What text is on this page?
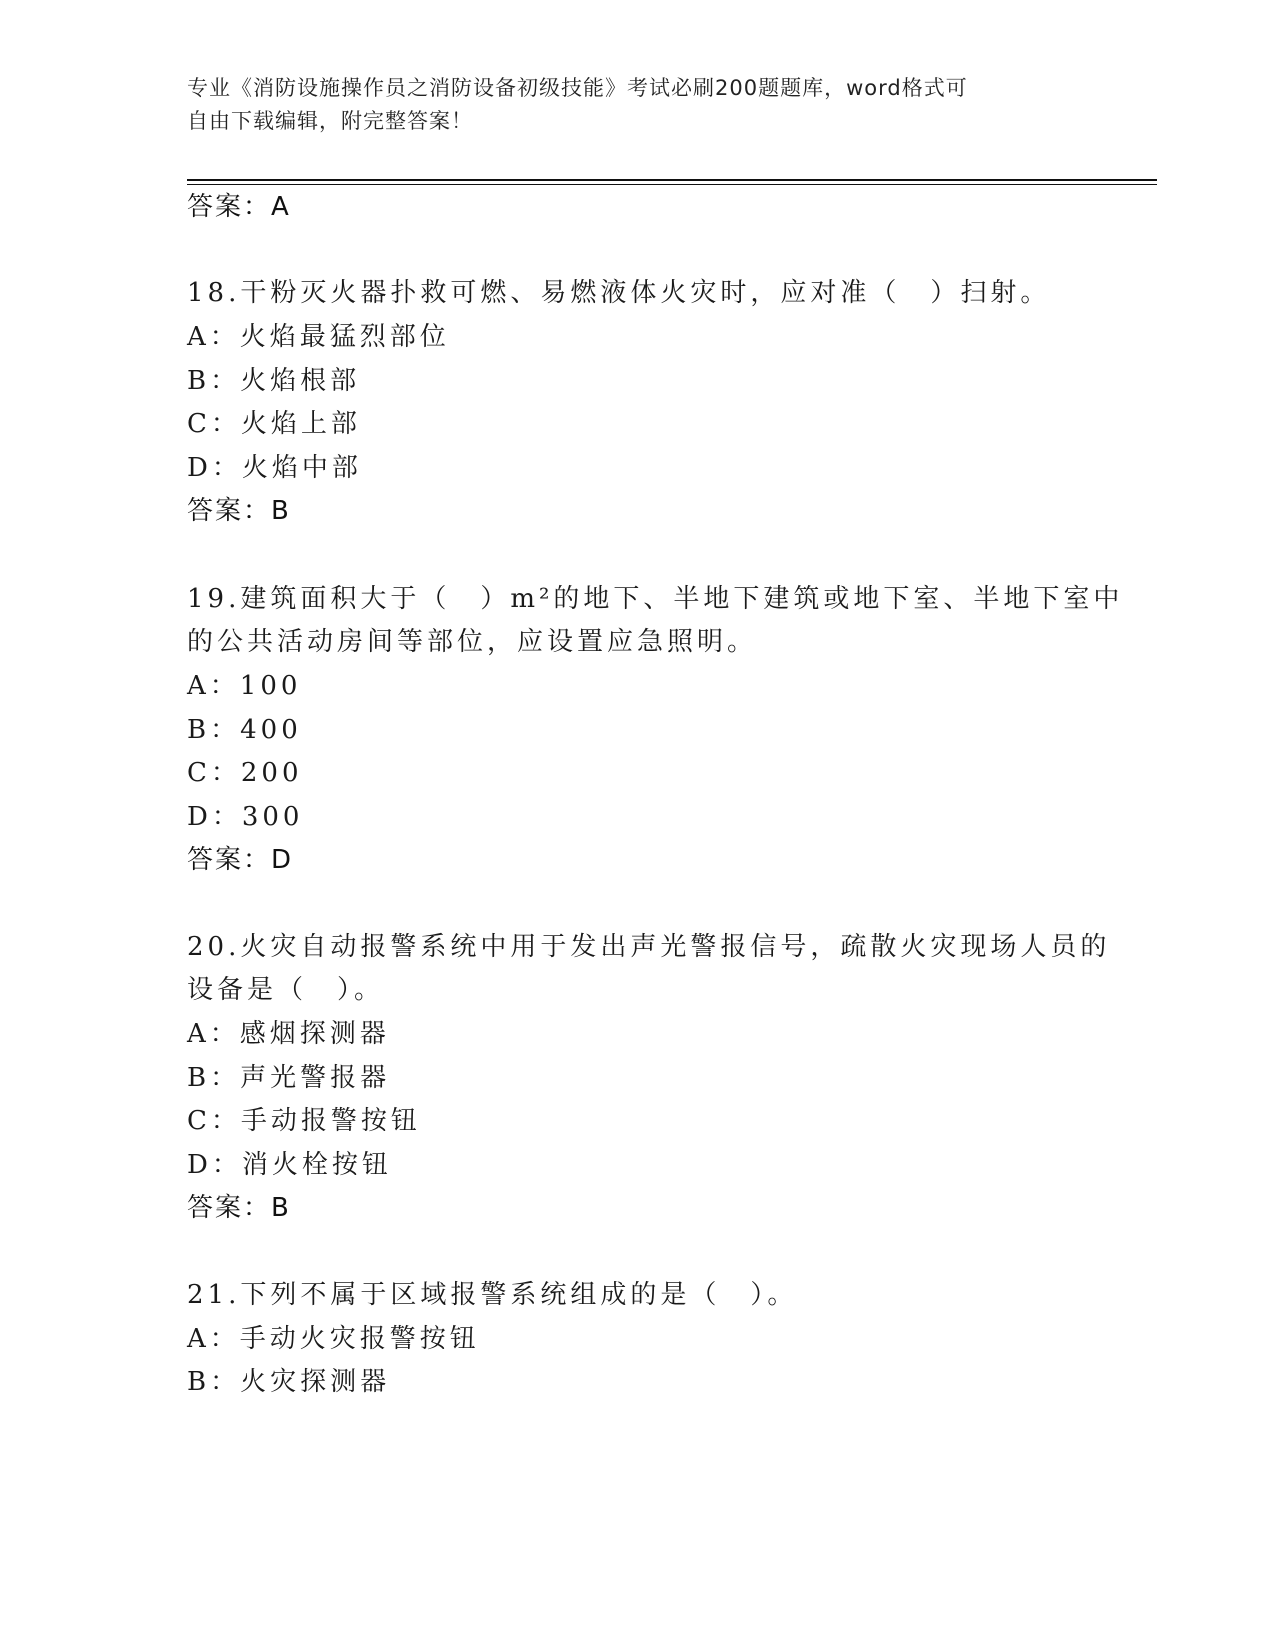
专业《消防设施操作员之消防设备初级技能》考试必刷200题题库，word格式可
自由下载编辑，附完整答案！
答案：A
18.干粉灭火器扑救可燃、易燃液体火灾时，应对准（　）扫射。
A：火焰最猛烈部位
B：火焰根部
C：火焰上部
D：火焰中部
答案：B
19.建筑面积大于（　）m²的地下、半地下建筑或地下室、半地下室中
的公共活动房间等部位，应设置应急照明。
A：100
B：400
C：200
D：300
答案：D
20.火灾自动报警系统中用于发出声光警报信号，疏散火灾现场人员的
设备是（　）。
A：感烟探测器
B：声光警报器
C：手动报警按钮
D：消火栓按钮
答案：B
21.下列不属于区域报警系统组成的是（　）。
A：手动火灾报警按钮
B：火灾探测器
